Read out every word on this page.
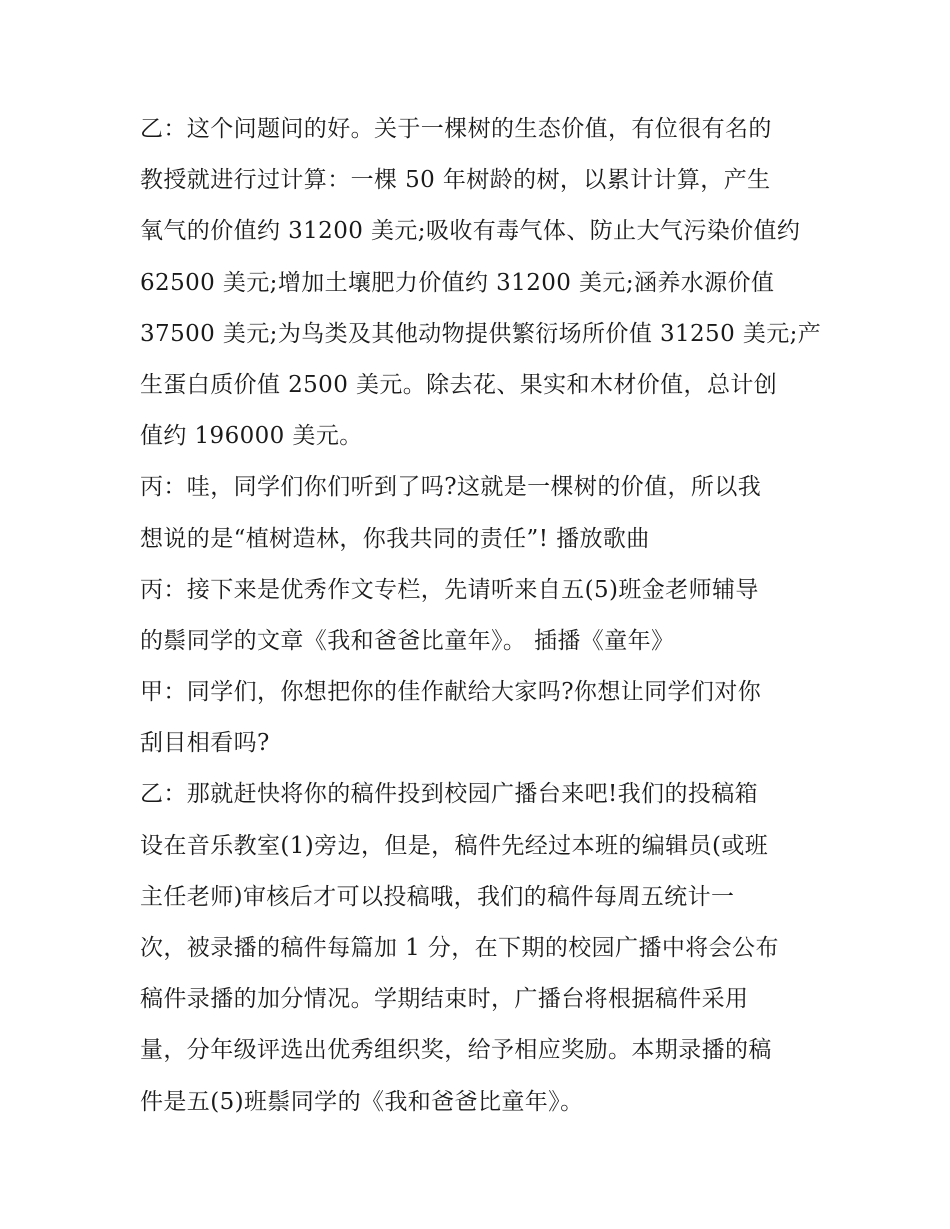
乙：这个问题问的好。关于一棵树的生态价值，有位很有名的
教授就进行过计算：一棵 50 年树龄的树，以累计计算，产生
氧气的价值约 31200 美元;吸收有毒气体、防止大气污染价值约
62500 美元;增加土壤肥力价值约 31200 美元;涵养水源价值
37500 美元;为鸟类及其他动物提供繁衍场所价值 31250 美元;产
生蛋白质价值 2500 美元。除去花、果实和木材价值，总计创
值约 196000 美元。
丙：哇，同学们你们听到了吗?这就是一棵树的价值，所以我
想说的是“植树造林，你我共同的责任”! 播放歌曲
丙：接下来是优秀作文专栏，先请听来自五(5)班金老师辅导
的鬃同学的文章《我和爸爸比童年》。 插播《童年》
甲：同学们，你想把你的佳作献给大家吗?你想让同学们对你
刮目相看吗?
乙：那就赶快将你的稿件投到校园广播台来吧!我们的投稿箱
设在音乐教室(1)旁边，但是，稿件先经过本班的编辑员(或班
主任老师)审核后才可以投稿哦，我们的稿件每周五统计一
次，被录播的稿件每篇加 1 分，在下期的校园广播中将会公布
稿件录播的加分情况。学期结束时，广播台将根据稿件采用
量，分年级评选出优秀组织奖，给予相应奖励。本期录播的稿
件是五(5)班鬃同学的《我和爸爸比童年》。
